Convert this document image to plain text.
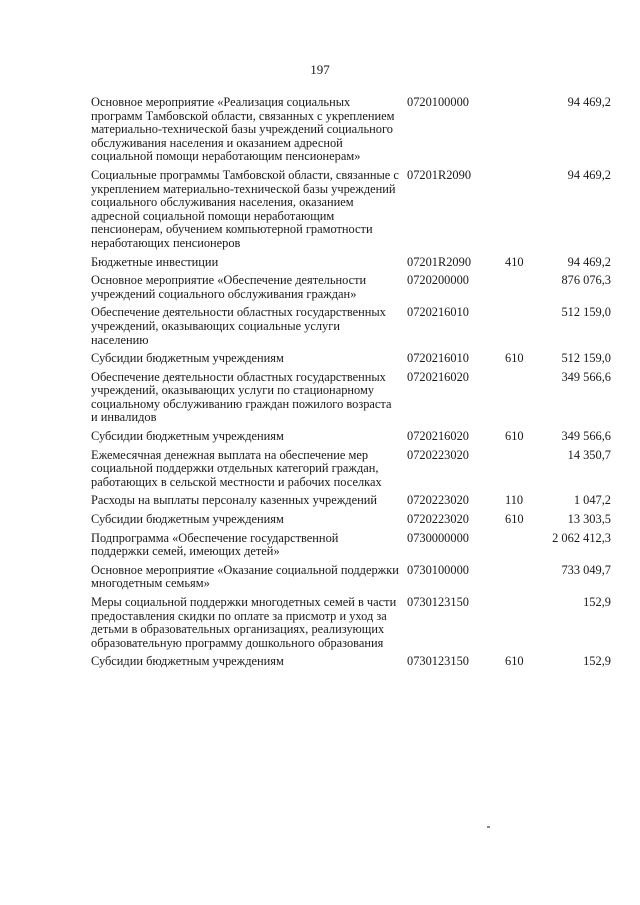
197
Основное мероприятие «Реализация социальных программ Тамбовской области, связанных с укреплением материально-технической базы учреждений социального обслуживания населения и оказанием адресной социальной помощи неработающим пенсионерам»	0720100000		94 469,2
Социальные программы Тамбовской области, связанные с укреплением материально-технической базы учреждений социального обслуживания населения, оказанием адресной социальной помощи неработающим пенсионерам, обучением компьютерной грамотности неработающих пенсионеров	07201R2090		94 469,2
Бюджетные инвестиции	07201R2090	410	94 469,2
Основное мероприятие «Обеспечение деятельности учреждений социального обслуживания граждан»	0720200000		876 076,3
Обеспечение деятельности областных государственных учреждений, оказывающих социальные услуги населению	0720216010		512 159,0
Субсидии бюджетным учреждениям	0720216010	610	512 159,0
Обеспечение деятельности областных государственных учреждений, оказывающих услуги по стационарному социальному обслуживанию граждан пожилого возраста и инвалидов	0720216020		349 566,6
Субсидии бюджетным учреждениям	0720216020	610	349 566,6
Ежемесячная денежная выплата на обеспечение мер социальной поддержки отдельных категорий граждан, работающих в сельской местности и рабочих поселках	0720223020		14 350,7
Расходы на выплаты персоналу казенных учреждений	0720223020	110	1 047,2
Субсидии бюджетным учреждениям	0720223020	610	13 303,5
Подпрограмма «Обеспечение государственной поддержки семей, имеющих детей»	0730000000		2 062 412,3
Основное мероприятие «Оказание социальной поддержки многодетным семьям»	0730100000		733 049,7
Меры социальной поддержки многодетных семей в части предоставления скидки по оплате за присмотр и уход за детьми в образовательных организациях, реализующих образовательную программу дошкольного образования	0730123150		152,9
Субсидии бюджетным учреждениям	0730123150	610	152,9
